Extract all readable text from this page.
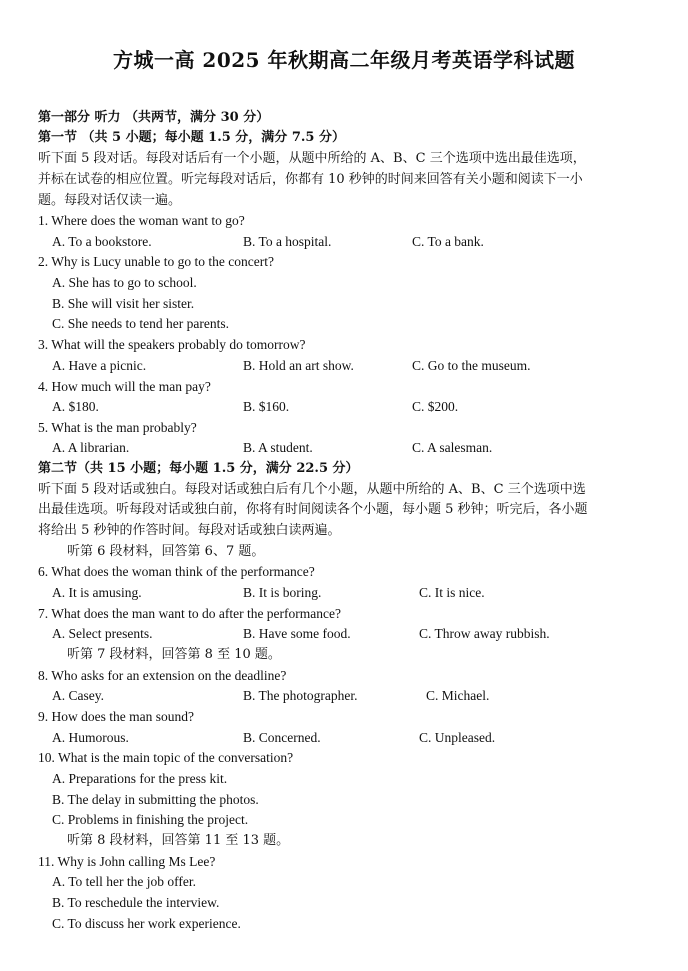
方城一高 2025 年秋期高二年级月考英语学科试题
第一部分 听力 （共两节，满分 30 分）
第一节 （共 5 小题；每小题 1.5 分，满分 7.5 分）
听下面 5 段对话。每段对话后有一个小题，从题中所给的 A、B、C 三个选项中选出最佳选项，
并标在试卷的相应位置。听完每段对话后，你都有 10 秒钟的时间来回答有关小题和阅读下一小
题。每段对话仅读一遍。
1. Where does the woman want to go?
A. To a bookstore.	B. To a hospital.	C. To a bank.
2. Why is Lucy unable to go to the concert?
A. She has to go to school.
B. She will visit her sister.
C. She needs to tend her parents.
3. What will the speakers probably do tomorrow?
A. Have a picnic.	B. Hold an art show.	C. Go to the museum.
4. How much will the man pay?
A. $180.	B. $160.	C. $200.
5. What is the man probably?
A. A librarian.	B. A student.	C. A salesman.
第二节（共 15 小题；每小题 1.5 分，满分 22.5 分）
听下面 5 段对话或独白。每段对话或独白后有几个小题，从题中所给的 A、B、C 三个选项中选
出最佳选项。听每段对话或独白前，你将有时间阅读各个小题，每小题 5 秒钟；听完后，各小题
将给出 5 秒钟的作答时间。每段对话或独白读两遍。
听第 6 段材料，回答第 6、7 题。
6. What does the woman think of the performance?
A. It is amusing.	B. It is boring.	C. It is nice.
7. What does the man want to do after the performance?
A. Select presents.	B. Have some food.	C. Throw away rubbish.
听第 7 段材料，回答第 8 至 10 题。
8. Who asks for an extension on the deadline?
A. Casey.	B. The photographer.	C. Michael.
9. How does the man sound?
A. Humorous.	B. Concerned.	C. Unpleased.
10. What is the main topic of the conversation?
A. Preparations for the press kit.
B. The delay in submitting the photos.
C. Problems in finishing the project.
听第 8 段材料，回答第 11 至 13 题。
11. Why is John calling Ms Lee?
A. To tell her the job offer.
B. To reschedule the interview.
C. To discuss her work experience.
